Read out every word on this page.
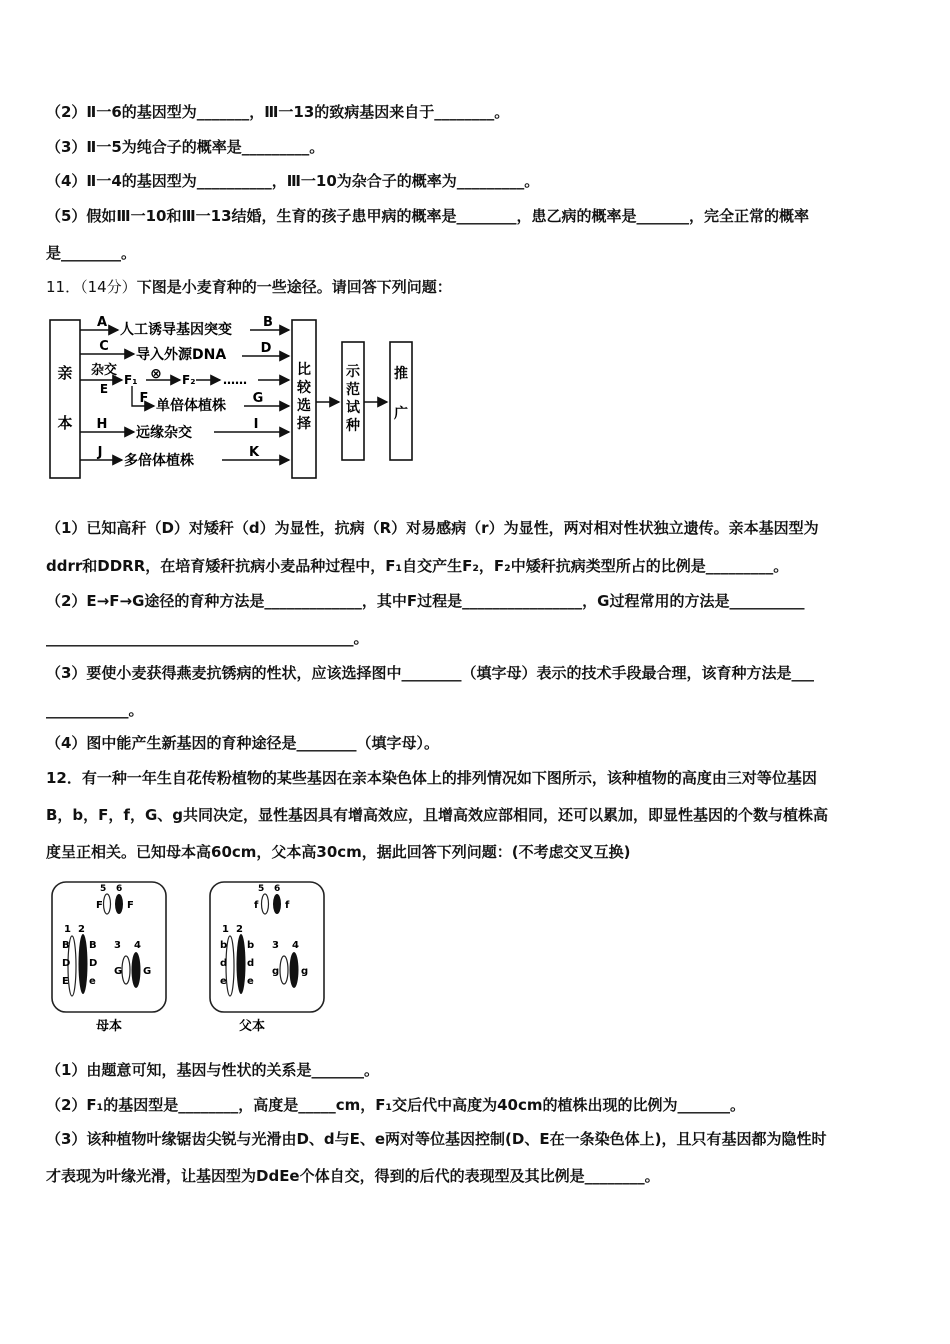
（2）Ⅱ一6的基因型为_______，Ⅲ一13的致病基因来自于________。
（3）Ⅱ一5为纯合子的概率是_________。
（4）Ⅱ一4的基因型为__________，Ⅲ一10为杂合子的概率为_________。
（5）假如Ⅲ一10和Ⅲ一13结婚，生育的孩子患甲病的概率是________，患乙病的概率是_______，完全正常的概率
是________。
11．（14分）下图是小麦育种的一些途径。请回答下列问题：
亲
本
比
较
选
择
示
范
试
种
推
广
A 人工诱导基因突变 B
C
导入外源DNA	D
杂交
E
F₁ ⊗ F₂ ……
F 单倍体植株 G
H
远缘杂交
I
J
多倍体植株
K
（1）已知高秆（D）对矮秆（d）为显性，抗病（R）对易感病（r）为显性，两对相对性状独立遗传。亲本基因型为
ddrr和DDRR，在培育矮秆抗病小麦品种过程中，F₁自交产生F₂，F₂中矮秆抗病类型所占的比例是_________。
（2）E→F→G途径的育种方法是_____________，其中F过程是________________，G过程常用的方法是__________
_________________________________________。
（3）要使小麦获得燕麦抗锈病的性状，应该选择图中________（填字母）表示的技术手段最合理，该育种方法是___
___________。
（4）图中能产生新基因的育种途径是________（填字母）。
12．有一种一年生自花传粉植物的某些基因在亲本染色体上的排列情况如下图所示，该种植物的高度由三对等位基因
B，b，F，f，G、g共同决定，显性基因具有增高效应，且增高效应部相同，还可以累加，即显性基因的个数与植株高
度呈正相关。已知母本高60cm，父本高30cm，据此回答下列问题：(不考虑交叉互换)
5 6
F F
1 2
B
D
E
B
D
e
3 4
G G
母本
5 6
f	f
1 2
b
d
e
b
d
e
3 4
g g
父本
（1）由题意可知，基因与性状的关系是_______。
（2）F₁的基因型是________，高度是_____cm，F₁交后代中高度为40cm的植株出现的比例为_______。
（3）该种植物叶缘锯齿尖锐与光滑由D、d与E、e两对等位基因控制(D、E在一条染色体上)，且只有基因都为隐性时
才表现为叶缘光滑，让基因型为DdEe个体自交，得到的后代的表现型及其比例是________。
